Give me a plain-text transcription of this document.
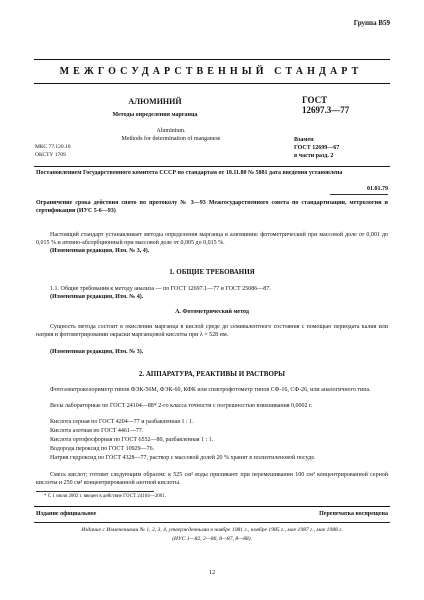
Группа В59
МЕЖГОСУДАРСТВЕННЫЙ СТАНДАРТ
АЛЮМИНИЙ
Методы определения марганца
ГОСТ
12697.3—77
Aluminium.
Methods for determination of manganese	Взамен
ГОСТ 12699—67
в части разд. 2
МКС 77.120.10
ОКСТУ 1709
Постановлением Государственного комитета СССР по стандартам от 18.11.80 № 5881 дата введения установлена
01.01.79
Ограничение срока действия снято по протоколу № 3—93 Межгосударственного совета по стандартизации, метрологии и сертификации (ИУС 5-6—93)
Настоящий стандарт устанавливает методы определения марганца в алюминии: фотометрический при массовой доле от 0,001 до 0,015 % и атомно-абсорбционный при массовой доле от 0,005 до 0,015 %.
(Измененная редакция, Изм. № 3, 4).
1. ОБЩИЕ ТРЕБОВАНИЯ
1.1. Общие требования к методу анализа — по ГОСТ 12697.1—77 и ГОСТ 25086—87.
(Измененная редакция, Изм. № 4).
А. Фотометрический метод
Сущность метода состоит в окислении марганца в кислой среде до семивалентного состояния с помощью периодата калия или натрия и фотометрировании окраски марганцовой кислоты при λ = 528 нм.
(Измененная редакция, Изм. № 3).
2. АППАРАТУРА, РЕАКТИВЫ И РАСТВОРЫ
Фотоэлектроколориметр типов ФЭК-56М, ФЭК-60, КФК или спектрофотометр типов СФ-16, СФ-26, или аналогичного типа.
Весы лабораторные по ГОСТ 24104—88* 2-го класса точности с погрешностью взвешивания 0,0002 г.
Кислота серная по ГОСТ 4204—77 и разбавленная 1 : 1.
Кислота азотная по ГОСТ 4461—77.
Кислота ортофосфорная по ГОСТ 6552—80, разбавленная 1 : 1.
Водорода пероксид по ГОСТ 10929—76.
Натрия гидроксид по ГОСТ 4328—77, раствор с массовой долей 20 % хранят в полиэтиленовой посуде.
Смесь кислот; готовят следующим образом: к 525 см³ воды приливают при перемешивании 100 см³ концентрированной серной кислоты и 250 см³ концентрированной азотной кислоты.
* С 1 июля 2002 г. введен в действие ГОСТ 24104—2001.
Издание официальное	Перепечатка воспрещена
Издание с Изменениями № 1, 2, 3, 4, утвержденными в ноябре 1981 г., ноябре 1985 г., мае 1987 г., мае 1988 г.
(ИУС 1—82, 2—86, 8—87, 8—88).
12
